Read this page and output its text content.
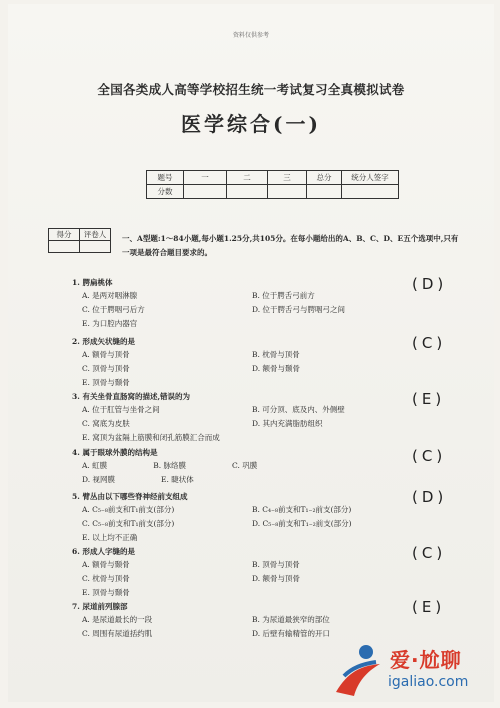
资料仅供参考
全国各类成人高等学校招生统一考试复习全真模拟试卷
医学综合(一)
题号	一	二	三	总分	统分人签字
分数					
得分	评卷人
	一、A型题:1～84小题,每小题1.25分,共105分。在每小题给出的A、B、C、D、E五个选项中,只有一项是最符合题目要求的。
1. 腭扁桃体
A. 是两对咽淋腺	B. 位于腭舌弓前方
C. 位于腭咽弓后方	D. 位于腭舌弓与腭咽弓之间
E. 为口腔内器官
(D)
2. 形成矢状缝的是
A. 额骨与顶骨	B. 枕骨与顶骨
C. 顶骨与顶骨	D. 额骨与颞骨
E. 顶骨与颞骨
(C)
3. 有关坐骨直肠窝的描述,错误的为
A. 位于肛管与坐骨之间	B. 可分顶、底及内、外侧壁
C. 窝底为皮肤	D. 其内充满脂肪组织
E. 窝顶为盆隔上筋膜和闭孔筋膜汇合而成
(E)
4. 属于眼球外膜的结构是
A. 虹膜	B. 脉络膜	C. 巩膜
D. 视网膜	E. 睫状体
(C)
5. 臂丛由以下哪些脊神经前支组成
A. C₅₋₈前支和T₁前支(部分)	B. C₄₋₈前支和T₁₋₂前支(部分)
C. C₅₋₈前支和T₁前支(部分)	D. C₅₋₈前支和T₁₋₂前支(部分)
E. 以上均不正确
(D)
6. 形成人字缝的是
A. 额骨与颞骨	B. 顶骨与顶骨
C. 枕骨与顶骨	D. 额骨与顶骨
E. 顶骨与颞骨
(C)
7. 尿道前列腺部
A. 是尿道最长的一段	B. 为尿道最狭窄的部位
C. 周围有尿道括约肌	D. 后壁有输精管的开口
(E)
爱·尬聊
igaliao.com
